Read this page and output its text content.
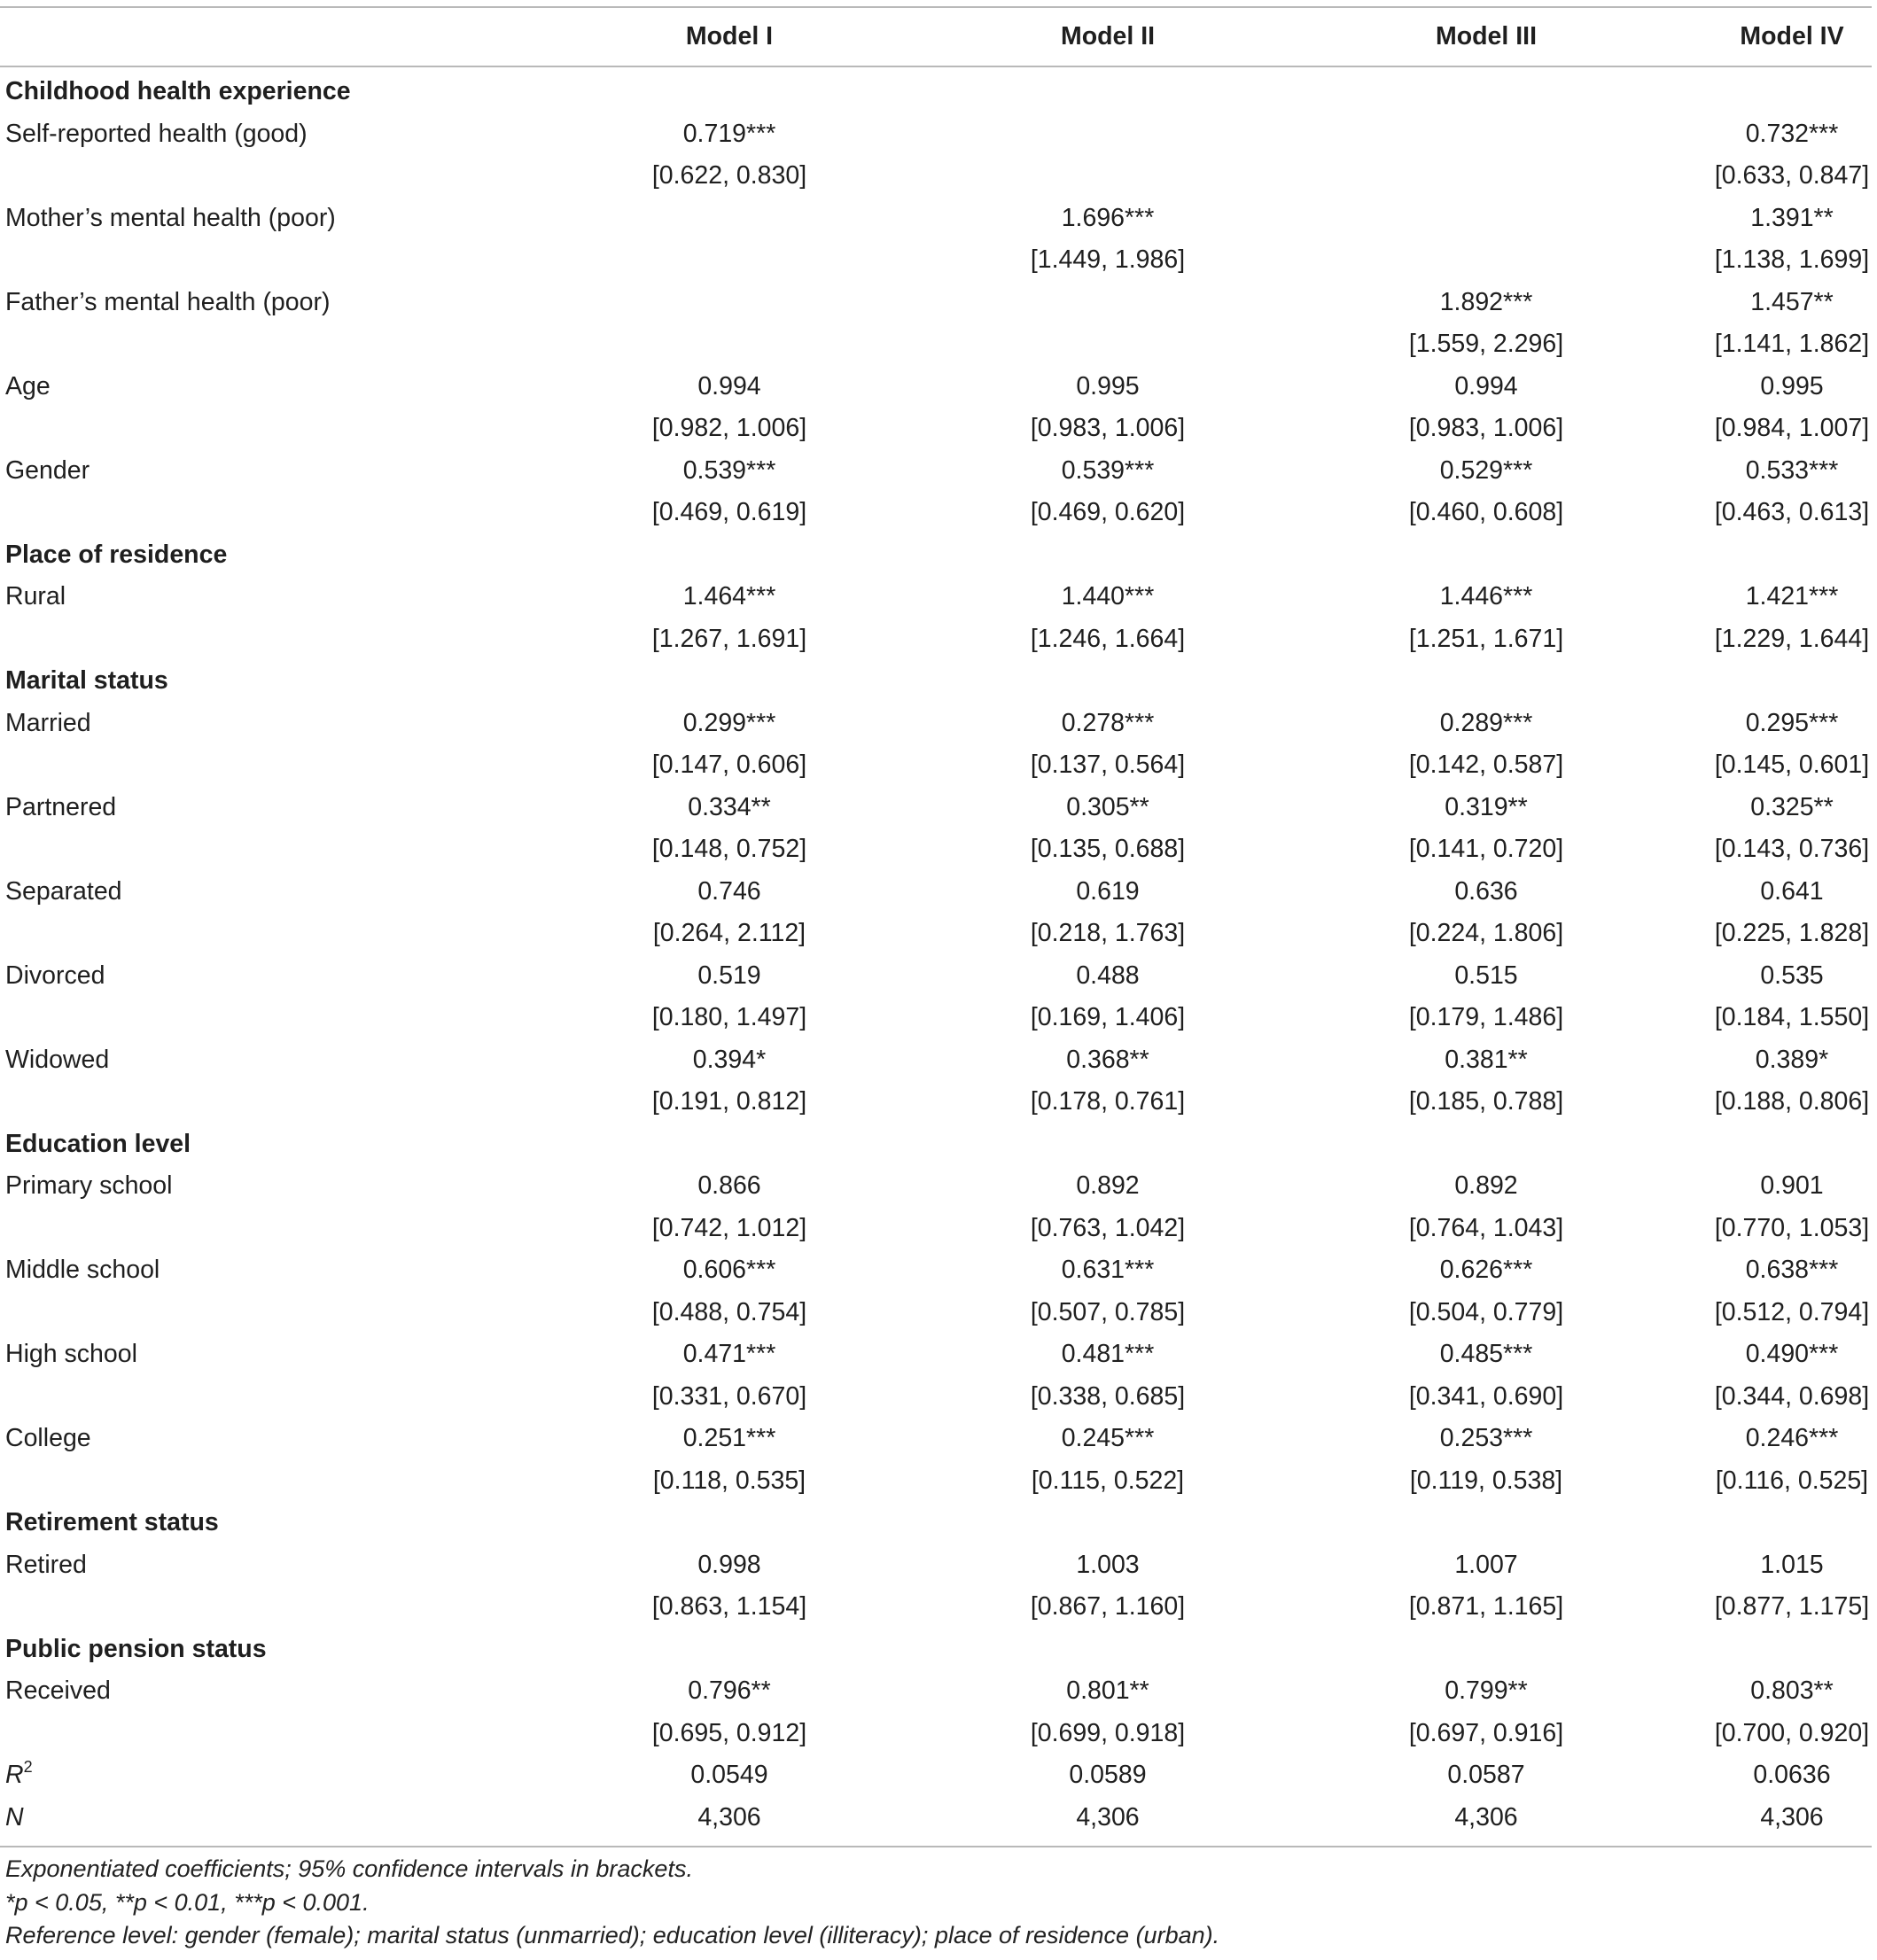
	Model I	Model II	Model III	Model IV

Childhood health experience				
Self-reported health (good)	0.719***			0.732***
	[0.622, 0.830]			[0.633, 0.847]
Mother’s mental health (poor)		1.696***		1.391**
		[1.449, 1.986]		[1.138, 1.699]
Father’s mental health (poor)			1.892***	1.457**
			[1.559, 2.296]	[1.141, 1.862]
Age	0.994	0.995	0.994	0.995
	[0.982, 1.006]	[0.983, 1.006]	[0.983, 1.006]	[0.984, 1.007]
Gender	0.539***	0.539***	0.529***	0.533***
	[0.469, 0.619]	[0.469, 0.620]	[0.460, 0.608]	[0.463, 0.613]
Place of residence				
Rural	1.464***	1.440***	1.446***	1.421***
	[1.267, 1.691]	[1.246, 1.664]	[1.251, 1.671]	[1.229, 1.644]
Marital status				
Married	0.299***	0.278***	0.289***	0.295***
	[0.147, 0.606]	[0.137, 0.564]	[0.142, 0.587]	[0.145, 0.601]
Partnered	0.334**	0.305**	0.319**	0.325**
	[0.148, 0.752]	[0.135, 0.688]	[0.141, 0.720]	[0.143, 0.736]
Separated	0.746	0.619	0.636	0.641
	[0.264, 2.112]	[0.218, 1.763]	[0.224, 1.806]	[0.225, 1.828]
Divorced	0.519	0.488	0.515	0.535
	[0.180, 1.497]	[0.169, 1.406]	[0.179, 1.486]	[0.184, 1.550]
Widowed	0.394*	0.368**	0.381**	0.389*
	[0.191, 0.812]	[0.178, 0.761]	[0.185, 0.788]	[0.188, 0.806]
Education level				
Primary school	0.866	0.892	0.892	0.901
	[0.742, 1.012]	[0.763, 1.042]	[0.764, 1.043]	[0.770, 1.053]
Middle school	0.606***	0.631***	0.626***	0.638***
	[0.488, 0.754]	[0.507, 0.785]	[0.504, 0.779]	[0.512, 0.794]
High school	0.471***	0.481***	0.485***	0.490***
	[0.331, 0.670]	[0.338, 0.685]	[0.341, 0.690]	[0.344, 0.698]
College	0.251***	0.245***	0.253***	0.246***
	[0.118, 0.535]	[0.115, 0.522]	[0.119, 0.538]	[0.116, 0.525]
Retirement status				
Retired	0.998	1.003	1.007	1.015
	[0.863, 1.154]	[0.867, 1.160]	[0.871, 1.165]	[0.877, 1.175]
Public pension status				
Received	0.796**	0.801**	0.799**	0.803**
	[0.695, 0.912]	[0.699, 0.918]	[0.697, 0.916]	[0.700, 0.920]
$R^2$	0.0549	0.0589	0.0587	0.0636
N	4,306	4,306	4,306	4,306
Exponentiated coefficients; 95% confidence intervals in brackets.
*p < 0.05, **p < 0.01, ***p < 0.001.
Reference level: gender (female); marital status (unmarried); education level (illiteracy); place of residence (urban).
